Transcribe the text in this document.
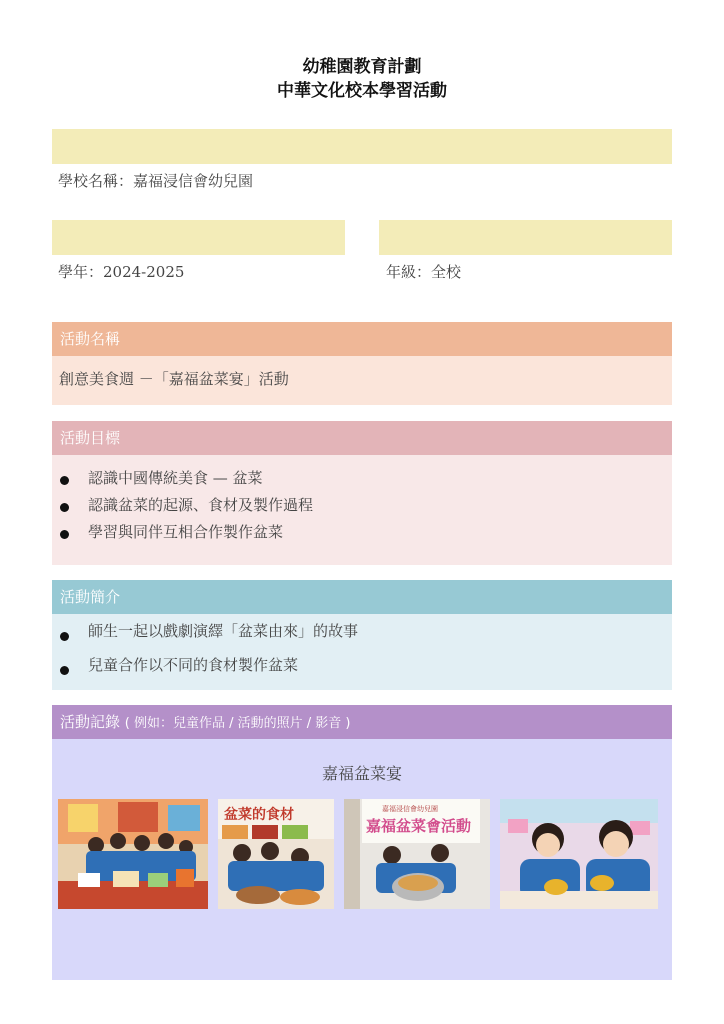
幼稚園教育計劃
中華文化校本學習活動
學校名稱：嘉福浸信會幼兒園
學年：2024-2025	年級：全校
活動名稱
創意美食週 －「嘉福盆菜宴」活動
活動目標
認識中國傳統美食 — 盆菜
認識盆菜的起源、食材及製作過程
學習與同伴互相合作製作盆菜
活動簡介
師生一起以戲劇演繹「盆菜由來」的故事
兒童合作以不同的食材製作盆菜
活動記錄 ( 例如：兒童作品 / 活動的照片 / 影音 )
嘉福盆菜宴
盆菜的食材	嘉福浸信會幼兒園
嘉福盆菜會活動
